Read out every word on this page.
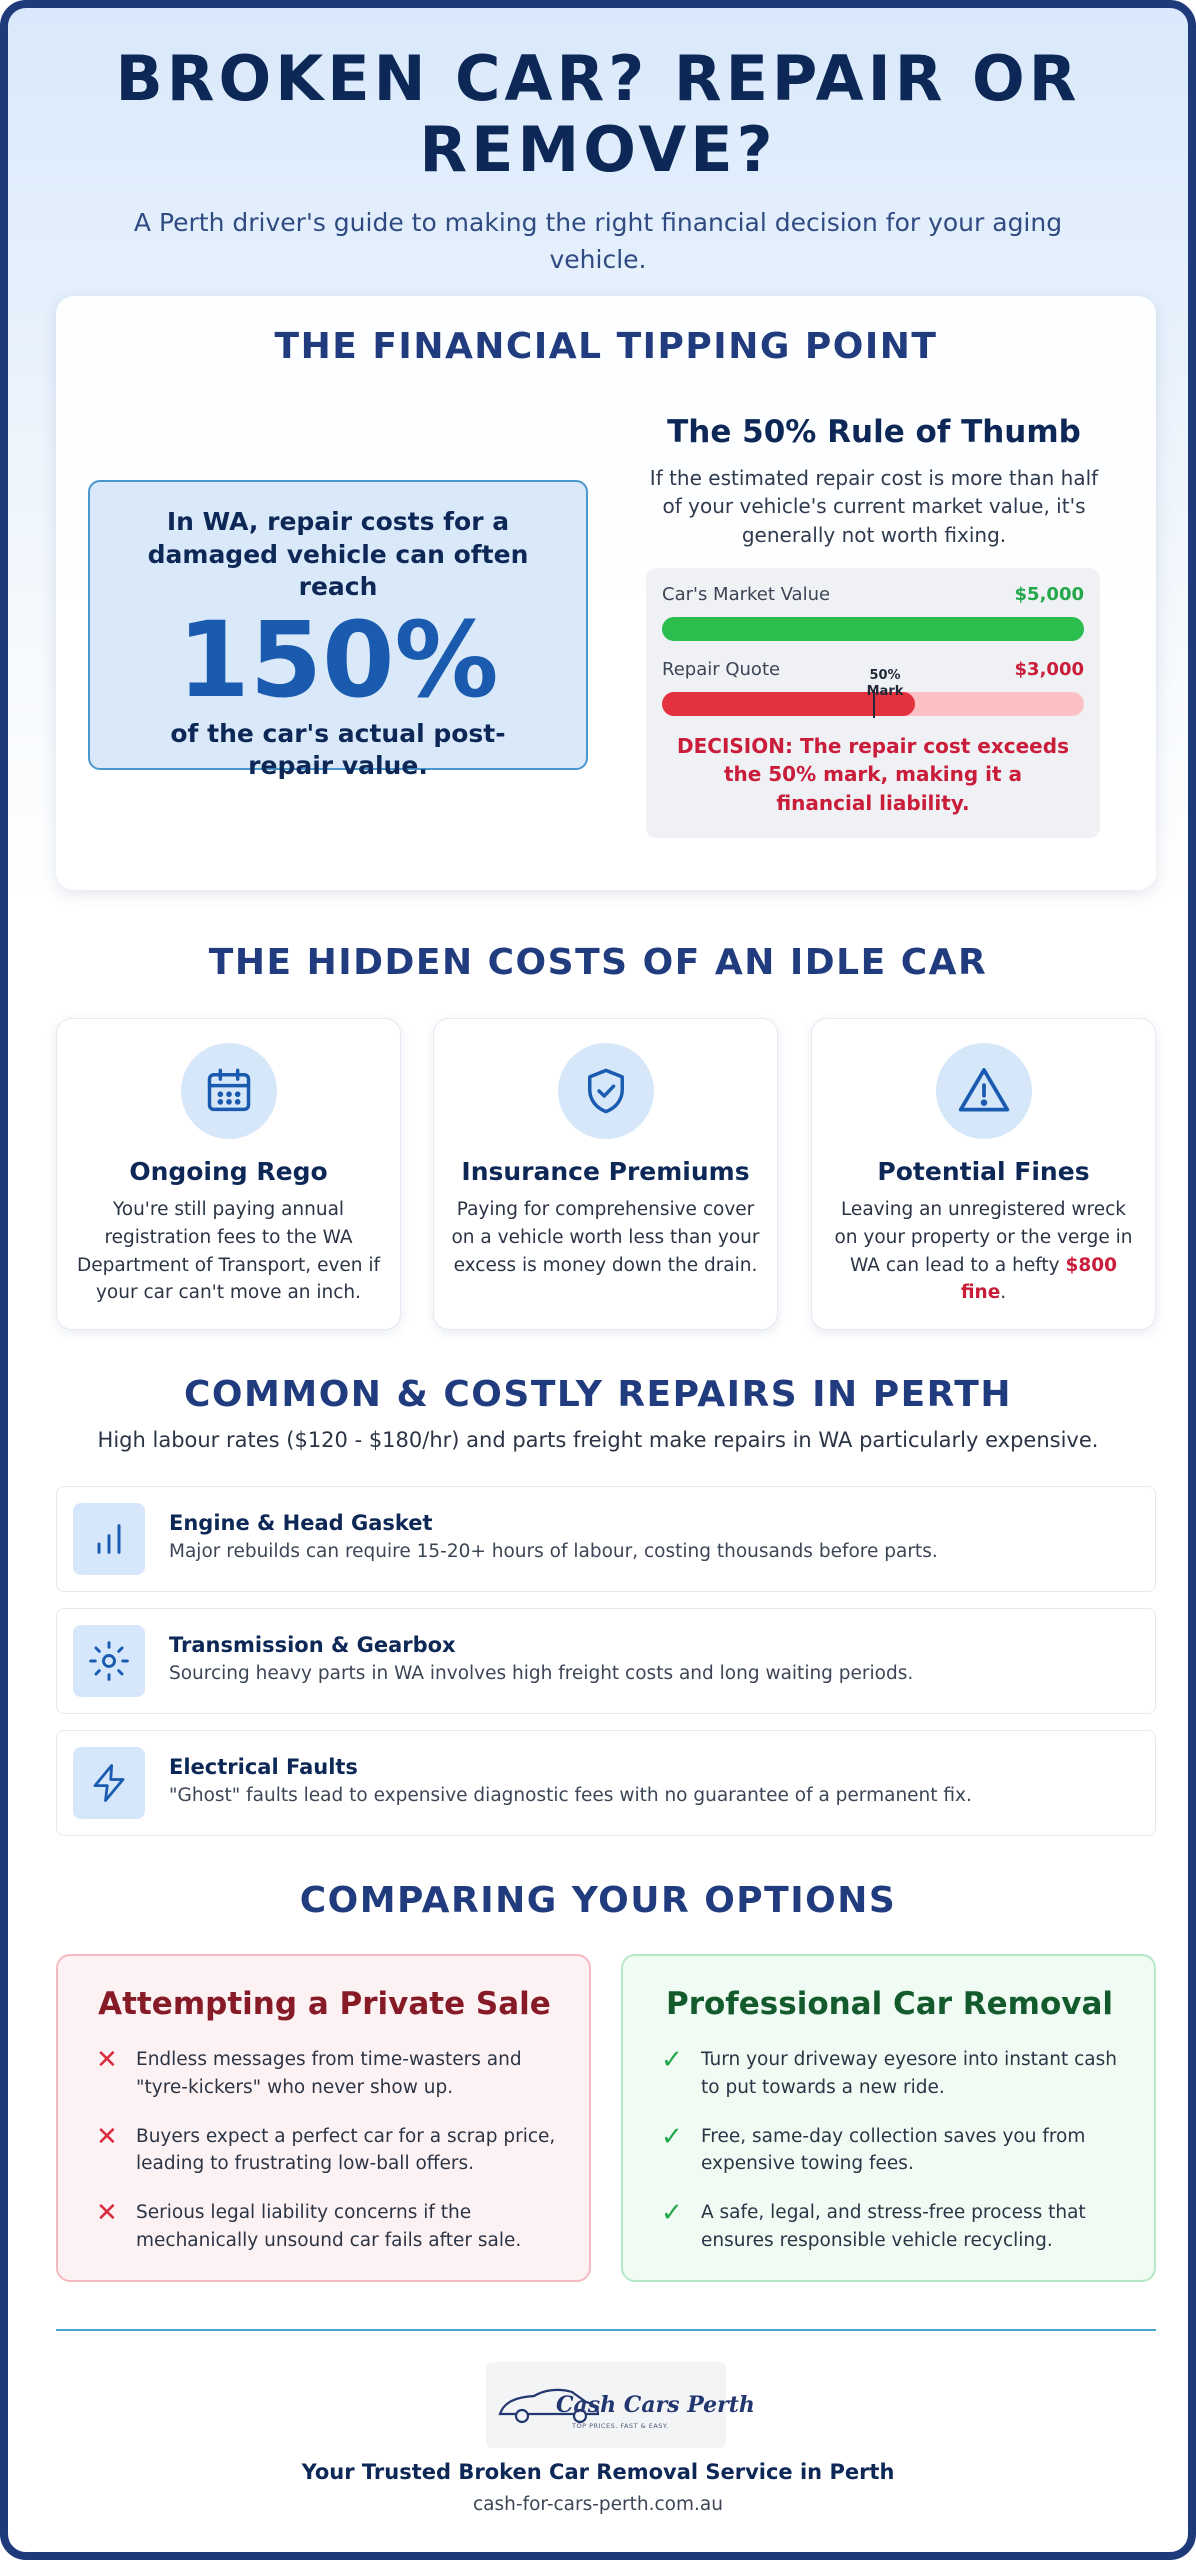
BROKEN CAR? REPAIR OR REMOVE?

A Perth driver's guide to making the right financial decision for your aging vehicle.

THE FINANCIAL TIPPING POINT
In WA, repair costs for a damaged vehicle can often reach
150%
of the car's actual post-repair value.
The 50% Rule of Thumb

If the estimated repair cost is more than half of your vehicle's current market value, it's generally not worth fixing.

Car's Market Value	$5,000
Repair Quote	$3,000
50% Mark
DECISION: The repair cost exceeds the 50% mark, making it a financial liability.
THE HIDDEN COSTS OF AN IDLE CAR
Ongoing Rego

You're still paying annual registration fees to the WA Department of Transport, even if your car can't move an inch.

Insurance Premiums

Paying for comprehensive cover on a vehicle worth less than your excess is money down the drain.

Potential Fines

Leaving an unregistered wreck on your property or the verge in WA can lead to a hefty $800 fine.

COMMON & COSTLY REPAIRS IN PERTH

High labour rates ($120 - $180/hr) and parts freight make repairs in WA particularly expensive.

Engine & Head Gasket

Major rebuilds can require 15-20+ hours of labour, costing thousands before parts.

Transmission & Gearbox

Sourcing heavy parts in WA involves high freight costs and long waiting periods.

Electrical Faults

"Ghost" faults lead to expensive diagnostic fees with no guarantee of a permanent fix.

COMPARING YOUR OPTIONS
Attempting a Private Sale
✕ Endless messages from time-wasters and "tyre-kickers" who never show up.
✕ Buyers expect a perfect car for a scrap price, leading to frustrating low-ball offers.
✕ Serious legal liability concerns if the mechanically unsound car fails after sale.
Professional Car Removal
✓ Turn your driveway eyesore into instant cash to put towards a new ride.
✓ Free, same-day collection saves you from expensive towing fees.
✓ A safe, legal, and stress-free process that ensures responsible vehicle recycling.
Cash Cars Perth
TOP PRICES. FAST & EASY.
Your Trusted Broken Car Removal Service in Perth
cash-for-cars-perth.com.au
